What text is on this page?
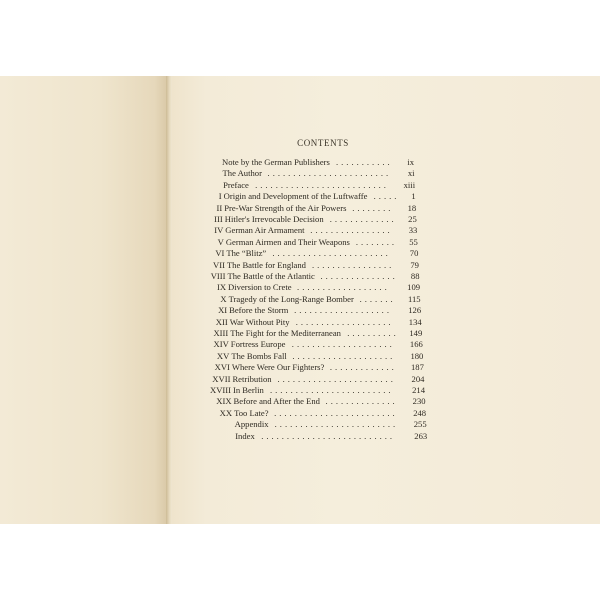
CONTENTS
Note by the German Publishers	ix
...........
The Author	xi
........................
Preface	xiii
..........................
I Origin and Development of the Luftwaffe	1
.....
II Pre-War Strength of the Air Powers	18
........
III Hitler's Irrevocable Decision	25
.............
IV German Air Armament	33
................
V German Airmen and Their Weapons	55
........
VI The “Blitz”	70
.......................
VII The Battle for England	79
................
VIII The Battle of the Atlantic	88
...............
IX Diversion to Crete	109
..................
X Tragedy of the Long-Range Bomber	115
.......
XI Before the Storm	126
...................
XII War Without Pity	134
...................
XIII The Fight for the Mediterranean	149
..........
XIV Fortress Europe	166
....................
XV The Bombs Fall	180
....................
XVI Where Were Our Fighters?	187
.............
XVII Retribution	204
.......................
XVIII In Berlin	214
........................
XIX Before and After the End	230
..............
XX Too Late?	248
........................
Appendix	255
........................
Index	263
..........................
